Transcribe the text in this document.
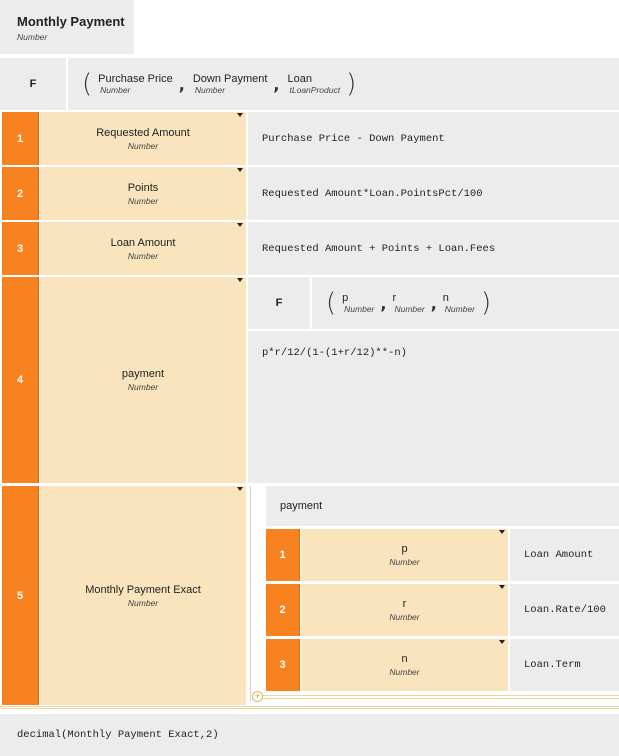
Monthly Payment
Number
F ( Purchase Price
Number	, Down Payment
Number	, Loan
tLoanProduct )
1	Requested Amount
Number
Purchase Price - Down Payment
2	Points
Number
Requested Amount*Loan.PointsPct/100
3	Loan Amount
Number
Requested Amount + Points + Loan.Fees
4	payment
Number
F ( p
Number , r
Number , n
Number )
p*r/12/(1-(1+r/12)**-n)
5	Monthly Payment Exact
Number
payment
1	p
Number
Loan Amount
2	r
Number
Loan.Rate/100
3	n
Number
Loan.Term
+
decimal(Monthly Payment Exact,2)
